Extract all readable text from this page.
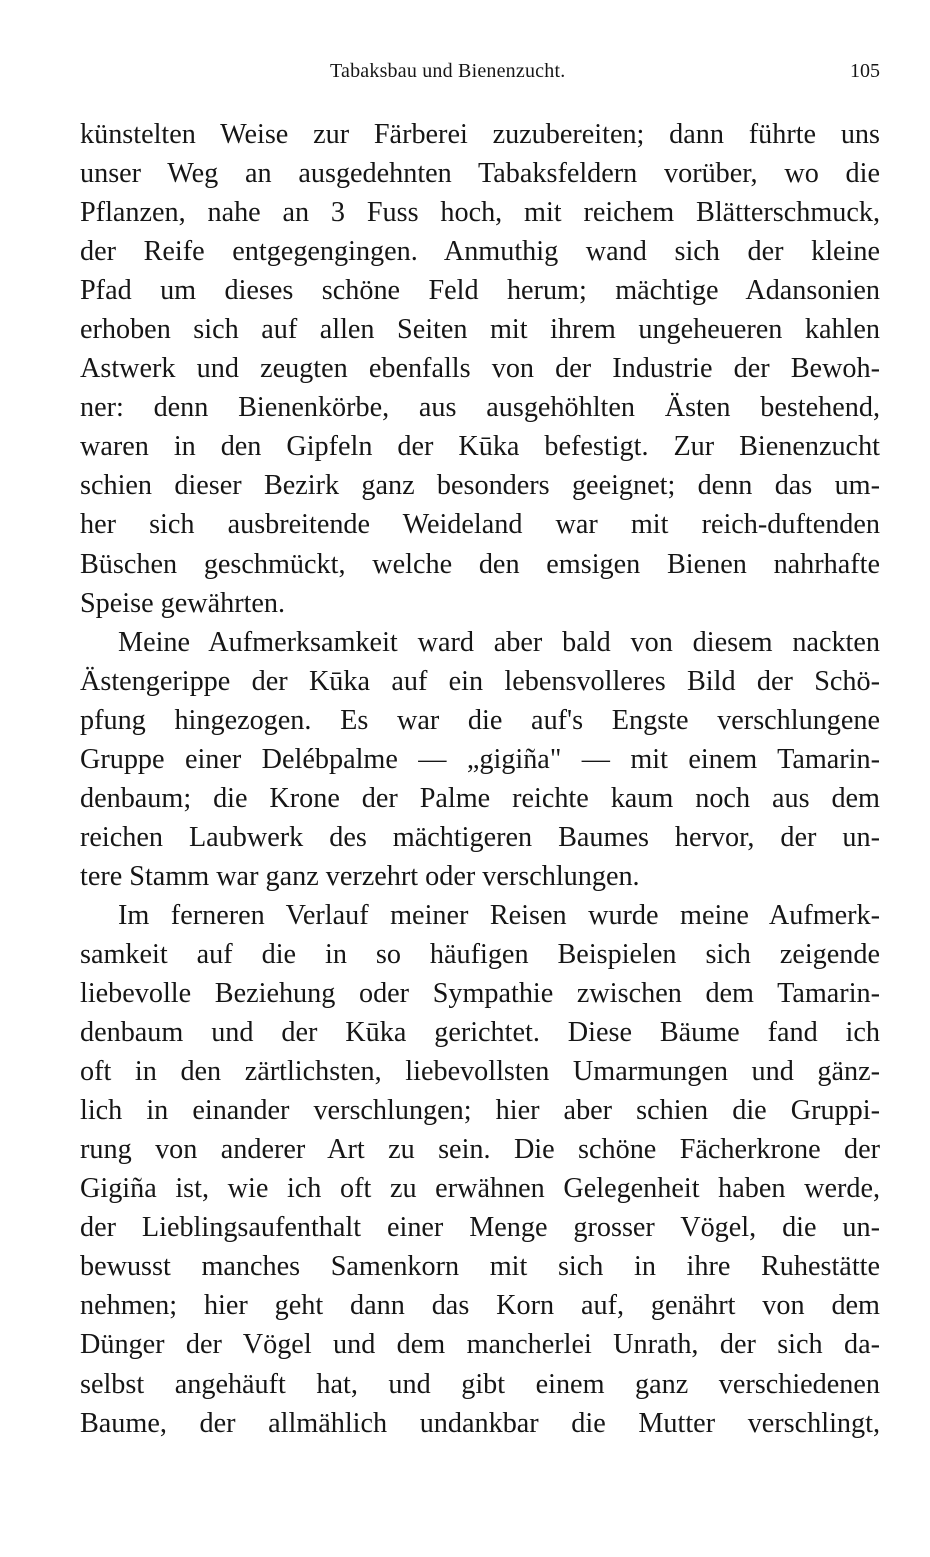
Tabaksbau und Bienenzucht.	105
künstelten Weise zur Färberei zuzubereiten; dann führte uns
unser Weg an ausgedehnten Tabaksfeldern vorüber, wo die
Pflanzen, nahe an 3 Fuss hoch, mit reichem Blätterschmuck,
der Reife entgegengingen. Anmuthig wand sich der kleine
Pfad um dieses schöne Feld herum; mächtige Adansonien
erhoben sich auf allen Seiten mit ihrem ungeheueren kahlen
Astwerk und zeugten ebenfalls von der Industrie der Bewoh-
ner: denn Bienenkörbe, aus ausgehöhlten Ästen bestehend,
waren in den Gipfeln der Kūka befestigt. Zur Bienenzucht
schien dieser Bezirk ganz besonders geeignet; denn das um-
her sich ausbreitende Weideland war mit reich-duftenden
Büschen geschmückt, welche den emsigen Bienen nahrhafte
Speise gewährten.
Meine Aufmerksamkeit ward aber bald von diesem nackten
Ästengerippe der Kūka auf ein lebensvolleres Bild der Schö-
pfung hingezogen. Es war die auf's Engste verschlungene
Gruppe einer Delébpalme — „gigiña" — mit einem Tamarin-
denbaum; die Krone der Palme reichte kaum noch aus dem
reichen Laubwerk des mächtigeren Baumes hervor, der un-
tere Stamm war ganz verzehrt oder verschlungen.
Im ferneren Verlauf meiner Reisen wurde meine Aufmerk-
samkeit auf die in so häufigen Beispielen sich zeigende
liebevolle Beziehung oder Sympathie zwischen dem Tamarin-
denbaum und der Kūka gerichtet. Diese Bäume fand ich
oft in den zärtlichsten, liebevollsten Umarmungen und gänz-
lich in einander verschlungen; hier aber schien die Gruppi-
rung von anderer Art zu sein. Die schöne Fächerkrone der
Gigiña ist, wie ich oft zu erwähnen Gelegenheit haben werde,
der Lieblingsaufenthalt einer Menge grosser Vögel, die un-
bewusst manches Samenkorn mit sich in ihre Ruhestätte
nehmen; hier geht dann das Korn auf, genährt von dem
Dünger der Vögel und dem mancherlei Unrath, der sich da-
selbst angehäuft hat, und gibt einem ganz verschiedenen
Baume, der allmählich undankbar die Mutter verschlingt,
